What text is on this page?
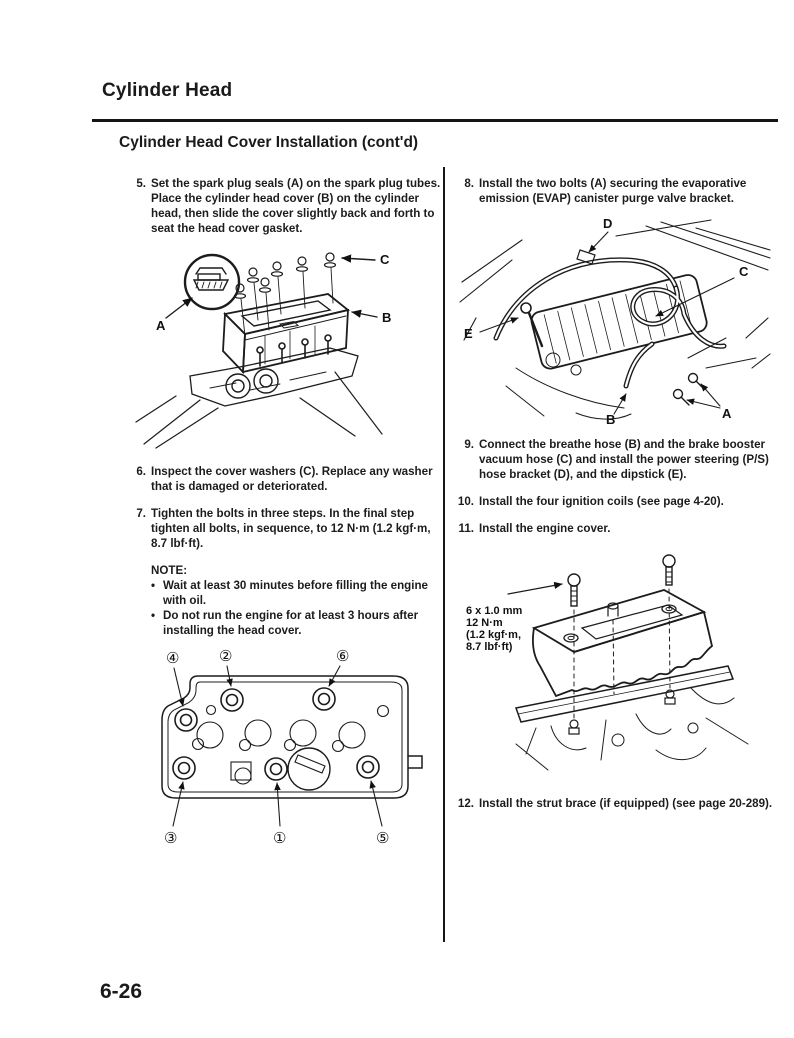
Cylinder Head
Cylinder Head Cover Installation (cont'd)
5. Set the spark plug seals (A) on the spark plug tubes. Place the cylinder head cover (B) on the cylinder head, then slide the cover slightly back and forth to seat the head cover gasket.
A
C
B
6. Inspect the cover washers (C). Replace any washer that is damaged or deteriorated.
7. Tighten the bolts in three steps. In the final step tighten all bolts, in sequence, to 12 N·m (1.2 kgf·m, 8.7 lbf·ft).
NOTE:
• Wait at least 30 minutes before filling the engine with oil.
• Do not run the engine for at least 3 hours after installing the head cover.
④	②	⑥
③	①	⑤
8. Install the two bolts (A) securing the evaporative emission (EVAP) canister purge valve bracket.
D
C
E
B	A
9. Connect the breathe hose (B) and the brake booster vacuum hose (C) and install the power steering (P/S) hose bracket (D), and the dipstick (E).
10. Install the four ignition coils (see page 4-20).
11. Install the engine cover.
6 x 1.0 mm
12 N·m
(1.2 kgf·m,
8.7 lbf·ft)
12. Install the strut brace (if equipped) (see page 20-289).
6-26
